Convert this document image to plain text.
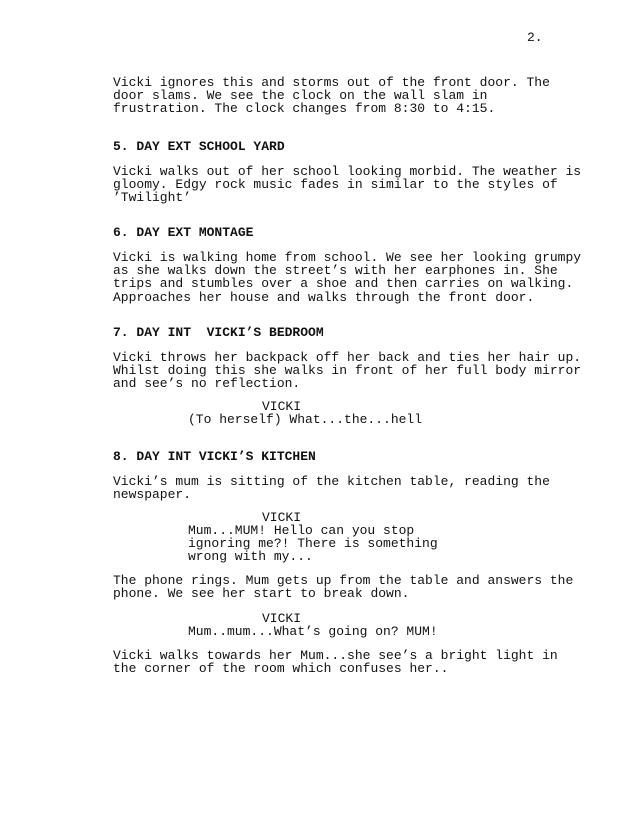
2.
Vicki ignores this and storms out of the front door. The
door slams. We see the clock on the wall slam in
frustration. The clock changes from 8:30 to 4:15.
5. DAY EXT SCHOOL YARD
Vicki walks out of her school looking morbid. The weather is
gloomy. Edgy rock music fades in similar to the styles of
’Twilight’
6. DAY EXT MONTAGE
Vicki is walking home from school. We see her looking grumpy
as she walks down the street’s with her earphones in. She
trips and stumbles over a shoe and then carries on walking.
Approaches her house and walks through the front door.
7. DAY INT  VICKI’S BEDROOM
Vicki throws her backpack off her back and ties her hair up.
Whilst doing this she walks in front of her full body mirror
and see’s no reflection.
VICKI
(To herself) What...the...hell
8. DAY INT VICKI’S KITCHEN
Vicki’s mum is sitting of the kitchen table, reading the
newspaper.
VICKI
Mum...MUM! Hello can you stop
ignoring me?! There is something
wrong with my...
The phone rings. Mum gets up from the table and answers the
phone. We see her start to break down.
VICKI
Mum..mum...What’s going on? MUM!
Vicki walks towards her Mum...she see’s a bright light in
the corner of the room which confuses her..
